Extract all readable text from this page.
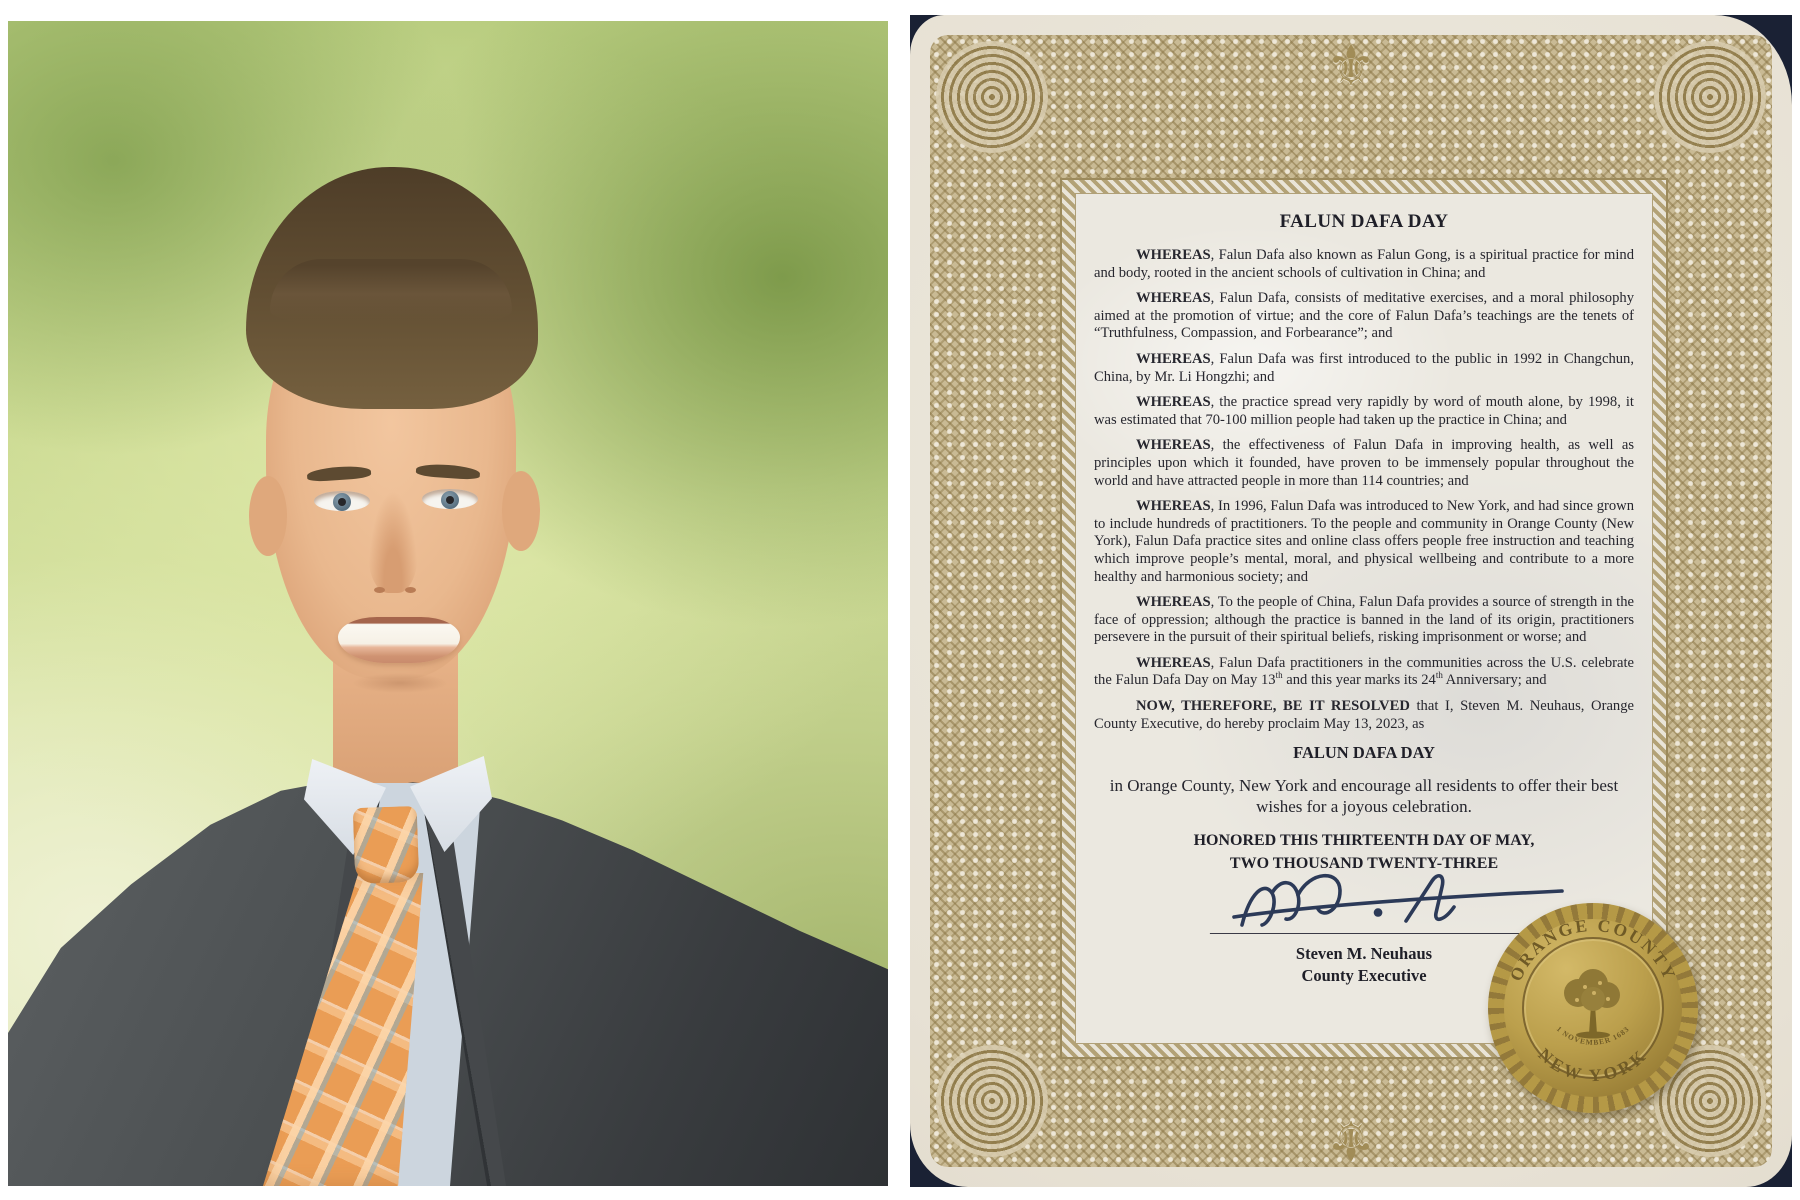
⚜
⚜

FALUN DAFA DAY

WHEREAS, Falun Dafa also known as Falun Gong, is a spiritual practice for mind and body, rooted in the ancient schools of cultivation in China; and

WHEREAS, Falun Dafa, consists of meditative exercises, and a moral philosophy aimed at the promotion of virtue; and the core of Falun Dafa’s teachings are the tenets of “Truthfulness, Compassion, and Forbearance”; and

WHEREAS, Falun Dafa was first introduced to the public in 1992 in Changchun, China, by Mr. Li Hongzhi; and

WHEREAS, the practice spread very rapidly by word of mouth alone, by 1998, it was estimated that 70-100 million people had taken up the practice in China; and

WHEREAS, the effectiveness of Falun Dafa in improving health, as well as principles upon which it founded, have proven to be immensely popular throughout the world and have attracted people in more than 114 countries; and

WHEREAS, In 1996, Falun Dafa was introduced to New York, and had since grown to include hundreds of practitioners. To the people and community in Orange County (New York), Falun Dafa practice sites and online class offers people free instruction and teaching which improve people’s mental, moral, and physical wellbeing and contribute to a more healthy and harmonious society; and

WHEREAS, To the people of China, Falun Dafa provides a source of strength in the face of oppression; although the practice is banned in the land of its origin, practitioners persevere in the pursuit of their spiritual beliefs, risking imprisonment or worse; and

WHEREAS, Falun Dafa practitioners in the communities across the U.S. celebrate the Falun Dafa Day on May 13th and this year marks its 24th Anniversary; and

NOW, THEREFORE, BE IT RESOLVED that I, Steven M. Neuhaus, Orange County Executive, do hereby proclaim May 13, 2023, as

FALUN DAFA DAY

in Orange County, New York and encourage all residents to offer their best wishes for a joyous celebration.

HONORED THIS THIRTEENTH DAY OF MAY,
TWO THOUSAND TWENTY-THREE

Steven M. Neuhaus

County Executive	ORANGE COUNTY
NEW YORK
1 NOVEMBER 1683
